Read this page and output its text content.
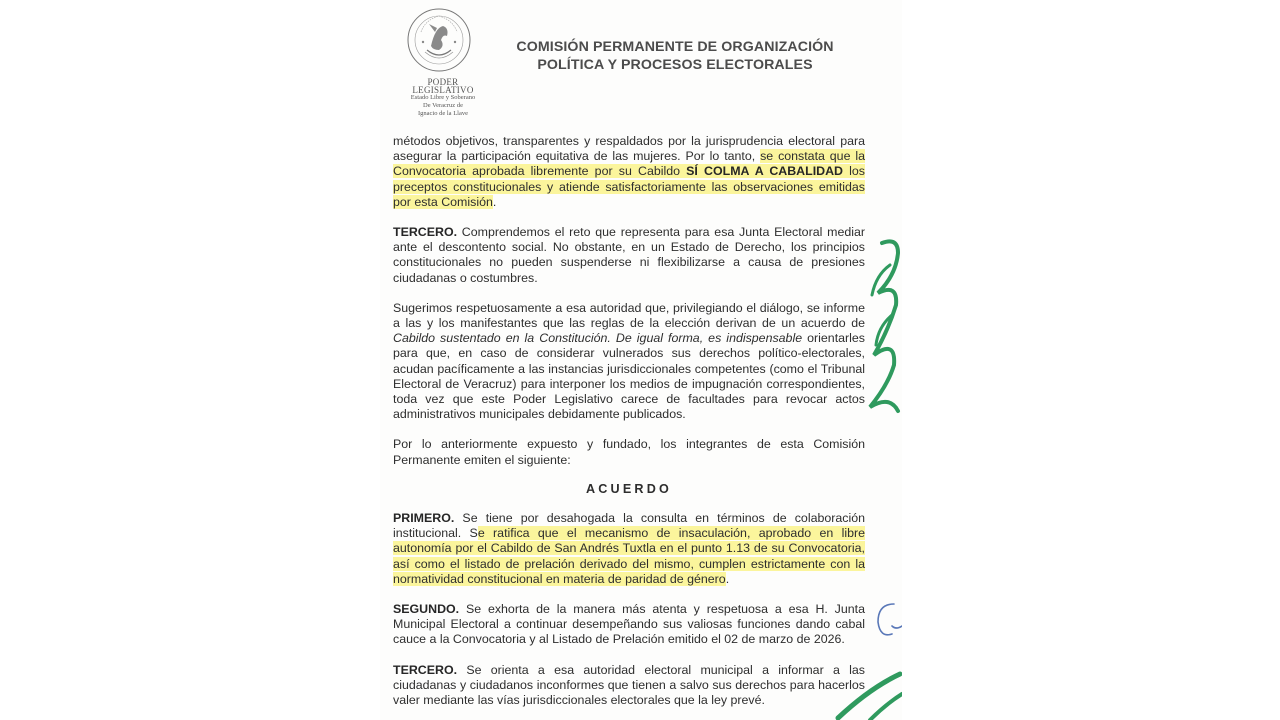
PODER LEGISLATIVO
Estado Libre y Soberano
De Veracruz de
Ignacio de la Llave
COMISIÓN PERMANENTE DE ORGANIZACIÓN
POLÍTICA Y PROCESOS ELECTORALES

métodos objetivos, transparentes y respaldados por la jurisprudencia electoral para asegurar la participación equitativa de las mujeres. Por lo tanto, se constata que la Convocatoria aprobada libremente por su Cabildo SÍ COLMA A CABALIDAD los preceptos constitucionales y atiende satisfactoriamente las observaciones emitidas por esta Comisión.

TERCERO. Comprendemos el reto que representa para esa Junta Electoral mediar ante el descontento social. No obstante, en un Estado de Derecho, los principios constitucionales no pueden suspenderse ni flexibilizarse a causa de presiones ciudadanas o costumbres.

Sugerimos respetuosamente a esa autoridad que, privilegiando el diálogo, se informe a las y los manifestantes que las reglas de la elección derivan de un acuerdo de Cabildo sustentado en la Constitución. De igual forma, es indispensable orientarles para que, en caso de considerar vulnerados sus derechos político-electorales, acudan pacíficamente a las instancias jurisdiccionales competentes (como el Tribunal Electoral de Veracruz) para interponer los medios de impugnación correspondientes, toda vez que este Poder Legislativo carece de facultades para revocar actos administrativos municipales debidamente publicados.

Por lo anteriormente expuesto y fundado, los integrantes de esta Comisión Permanente emiten el siguiente:

ACUERDO

PRIMERO. Se tiene por desahogada la consulta en términos de colaboración institucional. Se ratifica que el mecanismo de insaculación, aprobado en libre autonomía por el Cabildo de San Andrés Tuxtla en el punto 1.13 de su Convocatoria, así como el listado de prelación derivado del mismo, cumplen estrictamente con la normatividad constitucional en materia de paridad de género.

SEGUNDO. Se exhorta de la manera más atenta y respetuosa a esa H. Junta Municipal Electoral a continuar desempeñando sus valiosas funciones dando cabal cauce a la Convocatoria y al Listado de Prelación emitido el 02 de marzo de 2026.

TERCERO. Se orienta a esa autoridad electoral municipal a informar a las ciudadanas y ciudadanos inconformes que tienen a salvo sus derechos para hacerlos valer mediante las vías jurisdiccionales electorales que la ley prevé.
